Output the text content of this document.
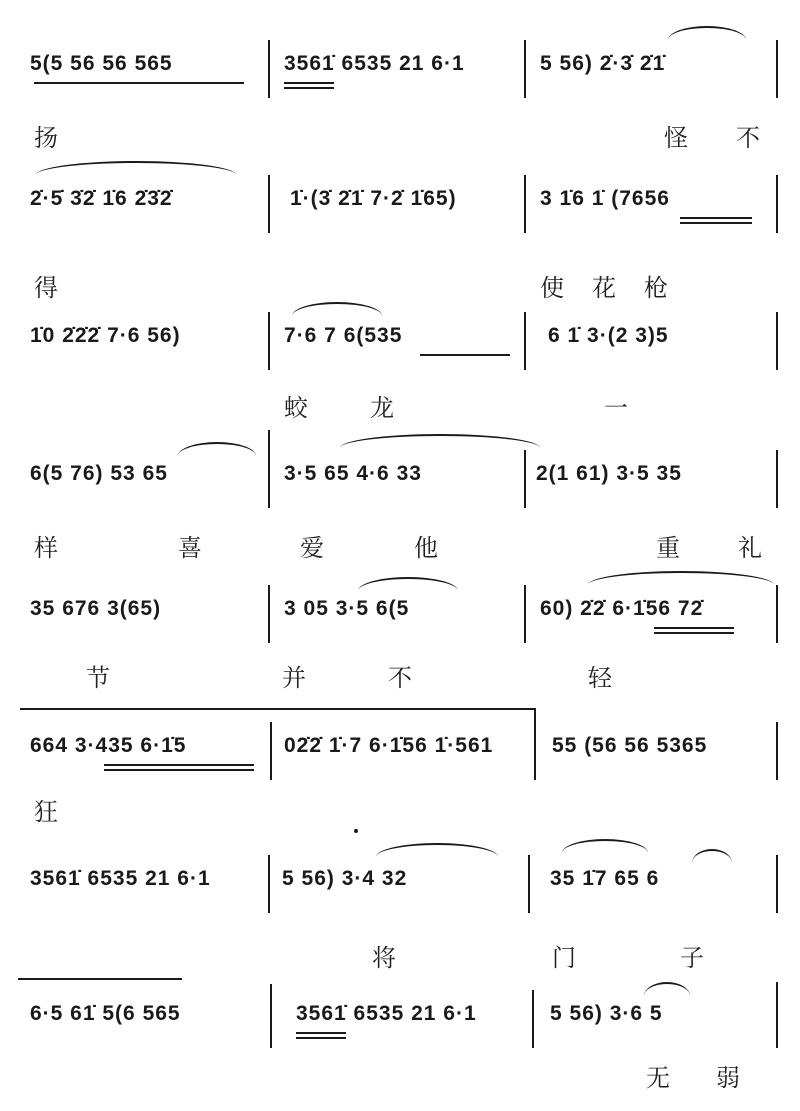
5(5 56 56 565	3561̇ 6535 21 6·1	5 56) 2̇·3̇ 2̇1̇
扬	怪 不
2̇·5̇ 3̇2̇ 1̇6 2̇3̇2̇	1̇·(3̇ 2̇1̇ 7·2̇ 1̇65)	3 1̇6 1̇ (7656
得	使 花 枪
1̇0 2̇2̇2̇ 7·6 56)	7·6 7 6(535	6 1̇ 3·(2 3)5
蛟	龙	一
6(5 76) 53 65	3·5 65 4·6 33	2(1 61) 3·5 35
样	喜	爱	他	重 礼
35 676 3(65)	3 05 3·5 6(5	60) 2̇2̇ 6·1̇56 72̇
节	并	不	轻
664 3·435 6·1̇5	02̇2̇ 1̇·7 6·1̇56 1̇·561	55 (56 56 5365
狂
3561̇ 6535 21 6·1	5 56) 3·4 32	35 1̇7 65 6
将	门	子
6·5 61̇ 5(6 565	3561̇ 6535 21 6·1	5 56) 3·6 5
无 弱
